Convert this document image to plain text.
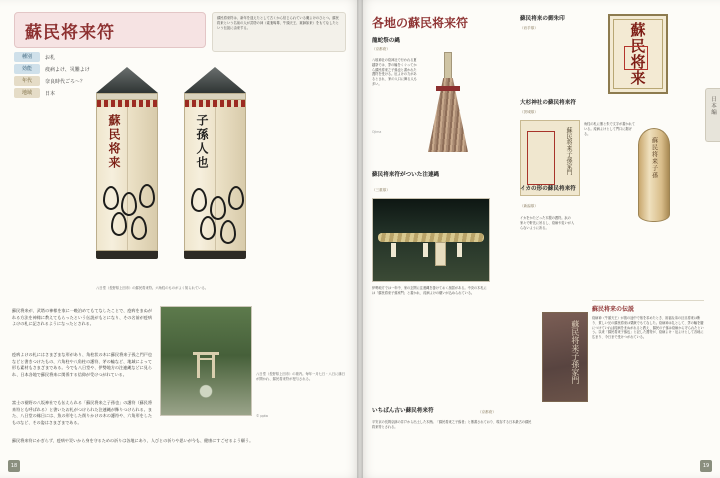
蘇民将来符

蘇民将来符は、新年を迎えたとして古くから信じられている魔よけのひとつ。蘇民将来という名前の人が武塔の神（素戔嗚尊、牛頭天王、薬師如来）をもてなしたという伝説に由来する。

種別	お札
効能	疫病よけ、災難よけ
年代	奈良時代ごろ〜？
地域	日本
蘇民将来	子孫人也
八日堂（長野県上田市）の蘇民将来符。六角柱のものがよく知られている。
蘇民将来が、武塔の神様を家に一晩泊めてもてなしたことで、疫病をまぬがれる方法を神様に教えてもらったという伝説がもとになり、その名前が疫病よけの札に記されるようになったとされる。
疫病よけの札にはさまざまな形があり、角柱状の木に蘇民将来子孫之門戸也などと書きつけたもの、六角柱や八角柱の護符、茅の輪など、地域によって形も素材もさまざまである。今でも八日堂や、伊勢地方の注連縄などに見られ、日本各地で蘇民将来に関係する信仰が受けつがれている。
富士の裾野の八坂神社でも伝えられる「蘇民将来之子孫也」の護符（蘇民将来符とも呼ばれる）と書いたお札がつけられた注連縄が飾りつけられる。また、八日堂の縁日には、魚の形をした削りかけの木の護符や、六角形をしたものなど、その姿はさまざまである。
蘇民将来符にかぎらず、疫病や災いから身を守るための祈りは各地にあり、人びとの祈りや思いが今も、健康にすごせるよう願う。
八日堂（長野県上田市）の境内。毎年一月七日・八日に縁日が開かれ、蘇民将来符が授与される。
© ppta
18
各地の蘇民将来符
日本編
龍蛇祭の縄
（京都府）
八坂神社の疫神社で行われる夏越祭では、茅の輪をくぐってから蘇民将来之子孫也と書かれた護符を受ける。厄よけの力があるとされ、家の入口に飾る人も多い。
Ojima
蘇民将来符がついた注連縄
（三重県）
伊勢地方では一年中、家の玄関に注連縄を掛けておく風習がある。中央の木札には「蘇民将来子孫家門」と書かれ、疫病よけの願いが込められている。
蘇民将来子孫家門
いちばん古い蘇民将来符	（京都府）
平安京の長岡京跡の井戸から出土した木簡。「蘇民将来之子孫者」と墨書されており、現存する日本最古の蘇民将来符とされる。
蘇民将来の御朱印
（岩手県）	蘇民将来
大杉神社の蘇民将来符
（茨城県）
蘇民将来子孫家門
角柱の札に墨と朱で文字が書かれている。疫病よけとして門口に掲げる。
イカの形の蘇民将来符
（新潟県）
イカをかたどった木製の護符。浜の家々で軒先に吊るし、疫病や災いが入らないように祈る。
蘇民将来子孫
蘇民将来の伝説
疫病神（牛頭天王）が旅の途中で宿を求めたとき、裕福な弟の巨旦将来は断り、貧しい兄の蘇民将来は粟飯でもてなした。疫病神は礼として、茅の輪を腰につけていれば疫病をまぬがれると教え、蘇民の子孫は疫病から守られたという。以来「蘇民将来子孫也」と記した護符が、疫病よけ・厄よけとして各地に広まり、今日まで受けつがれている。
19
